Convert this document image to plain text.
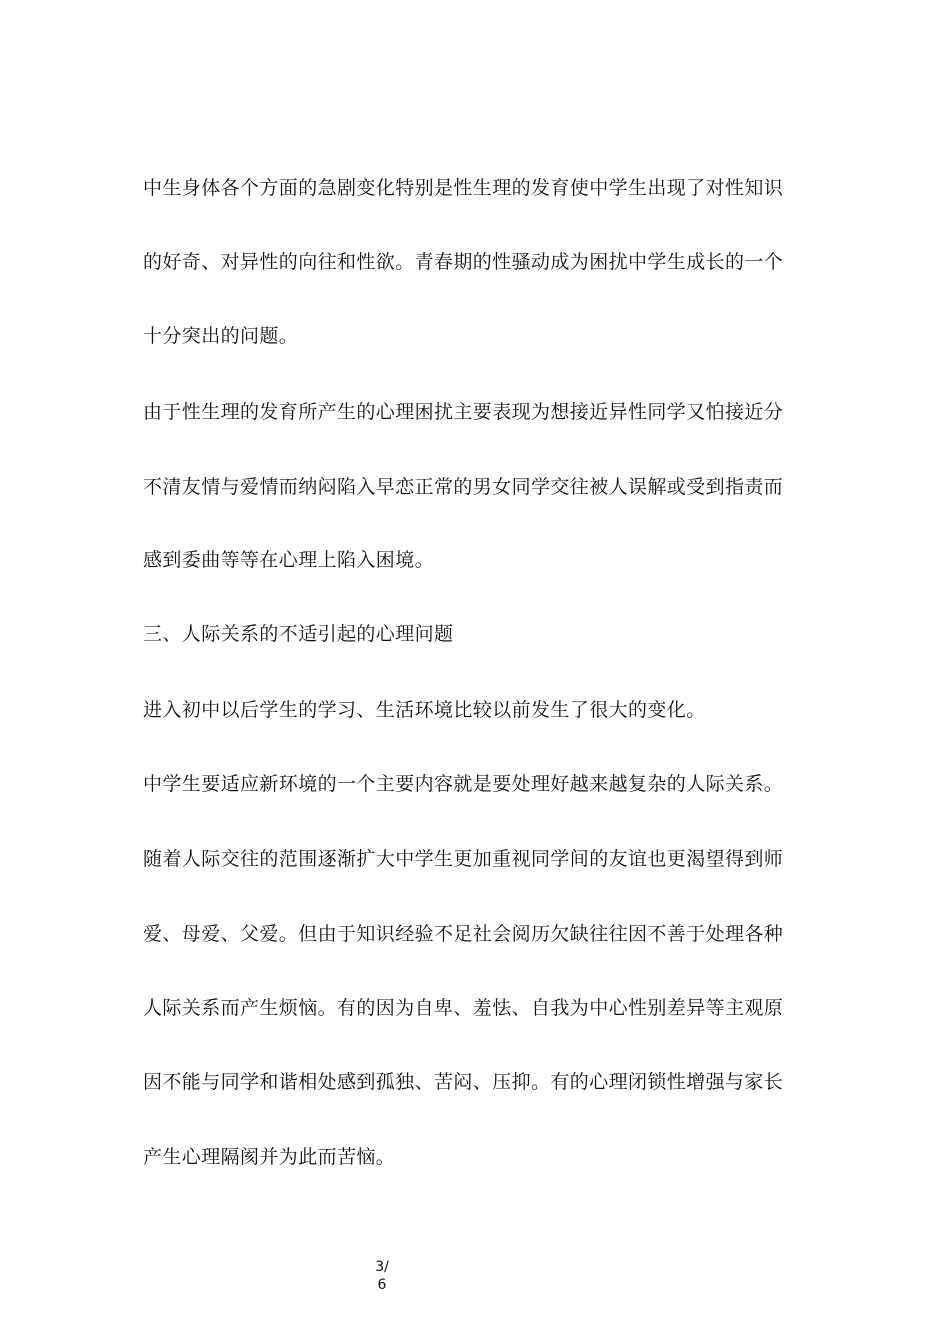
中生身体各个方面的急剧变化特别是性生理的发育使中学生出现了对性知识
的好奇、对异性的向往和性欲。青春期的性骚动成为困扰中学生成长的一个
十分突出的问题。
由于性生理的发育所产生的心理困扰主要表现为想接近异性同学又怕接近分
不清友情与爱情而纳闷陷入早恋正常的男女同学交往被人误解或受到指责而
感到委曲等等在心理上陷入困境。
三、人际关系的不适引起的心理问题
进入初中以后学生的学习、生活环境比较以前发生了很大的变化。
中学生要适应新环境的一个主要内容就是要处理好越来越复杂的人际关系。
随着人际交往的范围逐渐扩大中学生更加重视同学间的友谊也更渴望得到师
爱、母爱、父爱。但由于知识经验不足社会阅历欠缺往往因不善于处理各种
人际关系而产生烦恼。有的因为自卑、羞怯、自我为中心性别差异等主观原
因不能与同学和谐相处感到孤独、苦闷、压抑。有的心理闭锁性增强与家长
产生心理隔阂并为此而苦恼。
3/
6
